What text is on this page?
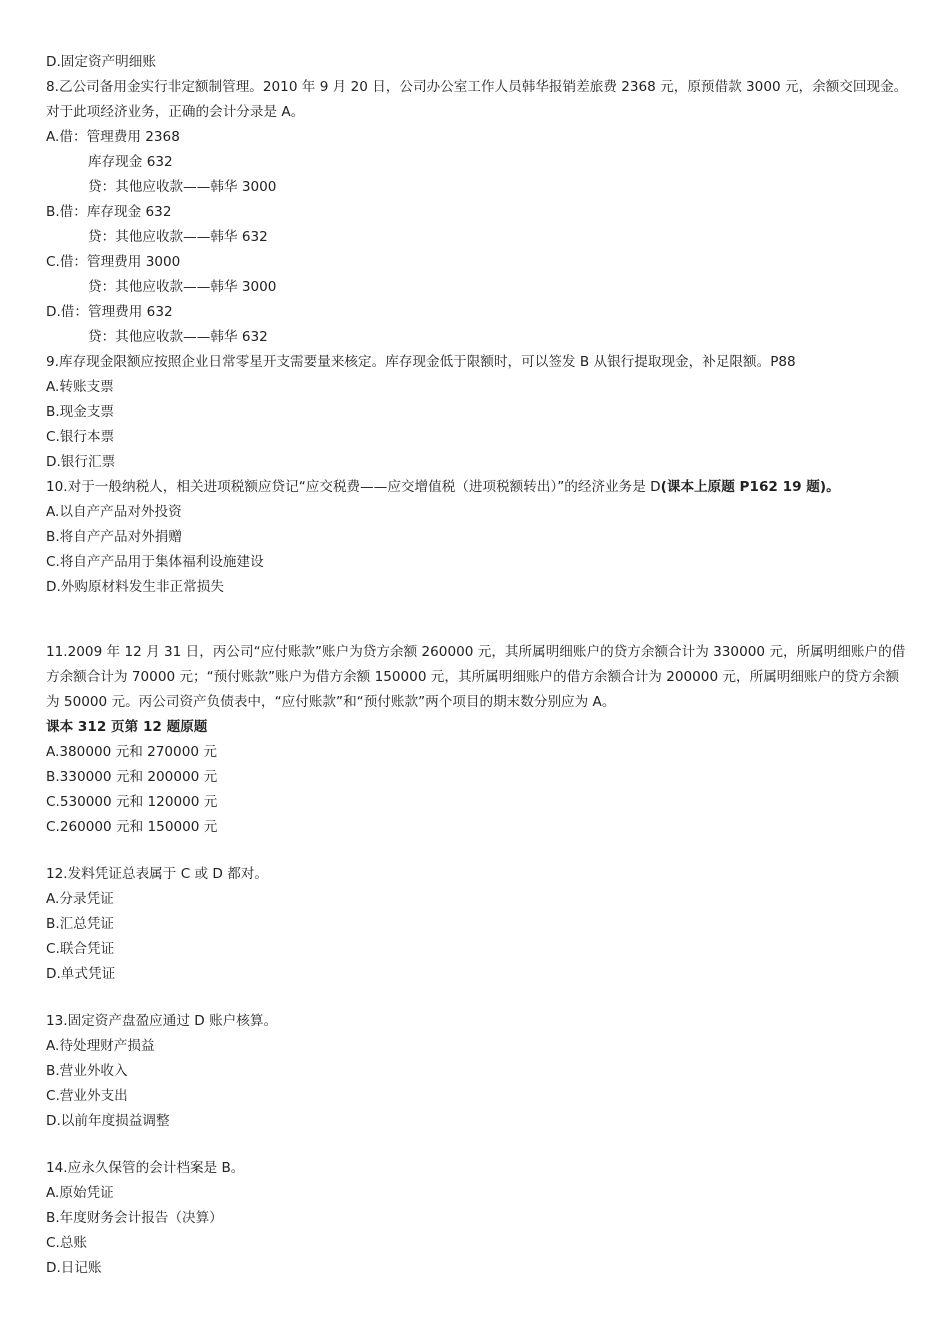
D.固定资产明细账
8.乙公司备用金实行非定额制管理。2010 年 9 月 20 日，公司办公室工作人员韩华报销差旅费 2368 元，原预借款 3000 元，余额交回现金。对于此项经济业务，正确的会计分录是 A。
A.借：管理费用 2368
库存现金 632
贷：其他应收款——韩华 3000
B.借：库存现金 632
贷：其他应收款——韩华 632
C.借：管理费用 3000
贷：其他应收款——韩华 3000
D.借：管理费用 632
贷：其他应收款——韩华 632
9.库存现金限额应按照企业日常零星开支需要量来核定。库存现金低于限额时，可以签发 B 从银行提取现金，补足限额。P88
A.转账支票
B.现金支票
C.银行本票
D.银行汇票
10.对于一般纳税人，相关进项税额应贷记“应交税费——应交增值税（进项税额转出）”的经济业务是 D(课本上原题 P162 19 题)。
A.以自产产品对外投资
B.将自产产品对外捐赠
C.将自产产品用于集体福利设施建设
D.外购原材料发生非正常损失
11.2009 年 12 月 31 日，丙公司“应付账款”账户为贷方余额 260000 元，其所属明细账户的贷方余额合计为 330000 元，所属明细账户的借方余额合计为 70000 元；“预付账款”账户为借方余额 150000 元，其所属明细账户的借方余额合计为 200000 元，所属明细账户的贷方余额为 50000 元。丙公司资产负债表中，“应付账款”和“预付账款”两个项目的期末数分别应为 A。
课本 312 页第 12 题原题
A.380000 元和 270000 元
B.330000 元和 200000 元
C.530000 元和 120000 元
C.260000 元和 150000 元
12.发料凭证总表属于 C 或 D 都对。
A.分录凭证
B.汇总凭证
C.联合凭证
D.单式凭证
13.固定资产盘盈应通过 D 账户核算。
A.待处理财产损益
B.营业外收入
C.营业外支出
D.以前年度损益调整
14.应永久保管的会计档案是 B。
A.原始凭证
B.年度财务会计报告（决算）
C.总账
D.日记账
